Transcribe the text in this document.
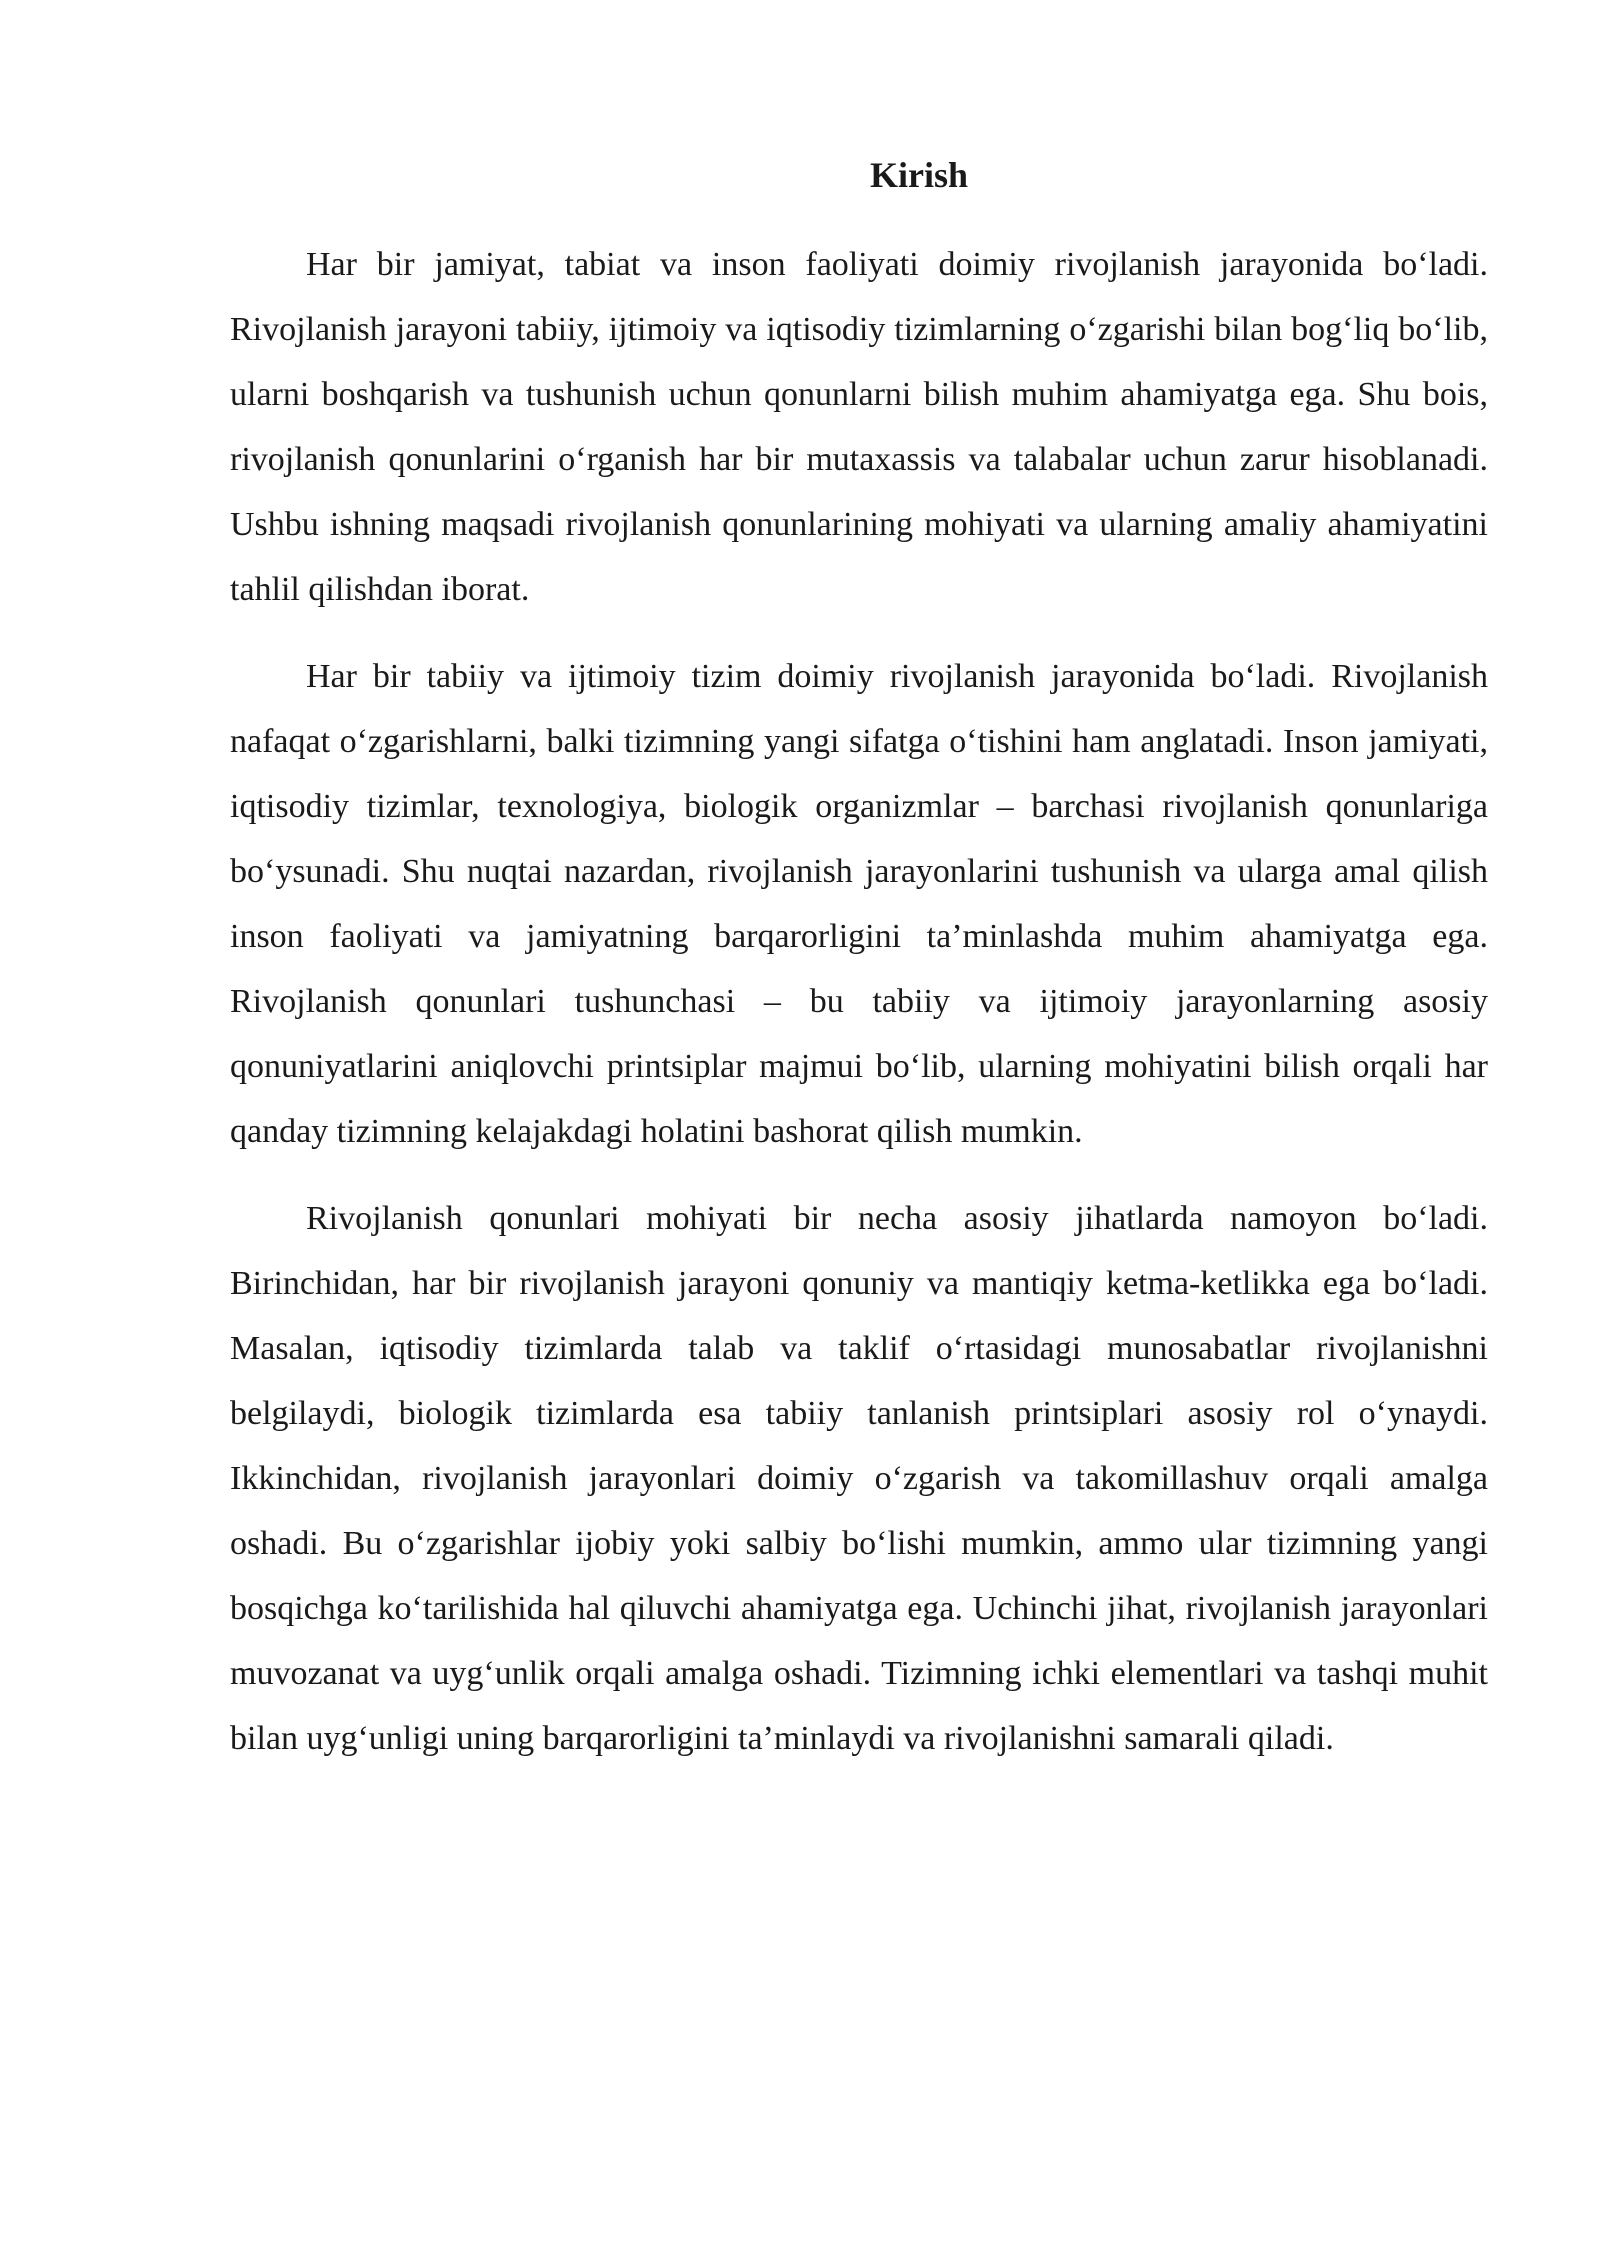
Kirish

Har bir jamiyat, tabiat va inson faoliyati doimiy rivojlanish jarayonida bo‘ladi. Rivojlanish jarayoni tabiiy, ijtimoiy va iqtisodiy tizimlarning o‘zgarishi bilan bog‘liq bo‘lib, ularni boshqarish va tushunish uchun qonunlarni bilish muhim ahamiyatga ega. Shu bois, rivojlanish qonunlarini o‘rganish har bir mutaxassis va talabalar uchun zarur hisoblanadi. Ushbu ishning maqsadi rivojlanish qonunlarining mohiyati va ularning amaliy ahamiyatini tahlil qilishdan iborat.

Har bir tabiiy va ijtimoiy tizim doimiy rivojlanish jarayonida bo‘ladi. Rivojlanish nafaqat o‘zgarishlarni, balki tizimning yangi sifatga o‘tishini ham anglatadi. Inson jamiyati, iqtisodiy tizimlar, texnologiya, biologik organizmlar – barchasi rivojlanish qonunlariga bo‘ysunadi. Shu nuqtai nazardan, rivojlanish jarayonlarini tushunish va ularga amal qilish inson faoliyati va jamiyatning barqarorligini ta’minlashda muhim ahamiyatga ega. Rivojlanish qonunlari tushunchasi – bu tabiiy va ijtimoiy jarayonlarning asosiy qonuniyatlarini aniqlovchi printsiplar majmui bo‘lib, ularning mohiyatini bilish orqali har qanday tizimning kelajakdagi holatini bashorat qilish mumkin.

Rivojlanish qonunlari mohiyati bir necha asosiy jihatlarda namoyon bo‘ladi. Birinchidan, har bir rivojlanish jarayoni qonuniy va mantiqiy ketma-ketlikka ega bo‘ladi. Masalan, iqtisodiy tizimlarda talab va taklif o‘rtasidagi munosabatlar rivojlanishni belgilaydi, biologik tizimlarda esa tabiiy tanlanish printsiplari asosiy rol o‘ynaydi. Ikkinchidan, rivojlanish jarayonlari doimiy o‘zgarish va takomillashuv orqali amalga oshadi. Bu o‘zgarishlar ijobiy yoki salbiy bo‘lishi mumkin, ammo ular tizimning yangi bosqichga ko‘tarilishida hal qiluvchi ahamiyatga ega. Uchinchi jihat, rivojlanish jarayonlari muvozanat va uyg‘unlik orqali amalga oshadi. Tizimning ichki elementlari va tashqi muhit bilan uyg‘unligi uning barqarorligini ta’minlaydi va rivojlanishni samarali qiladi.
